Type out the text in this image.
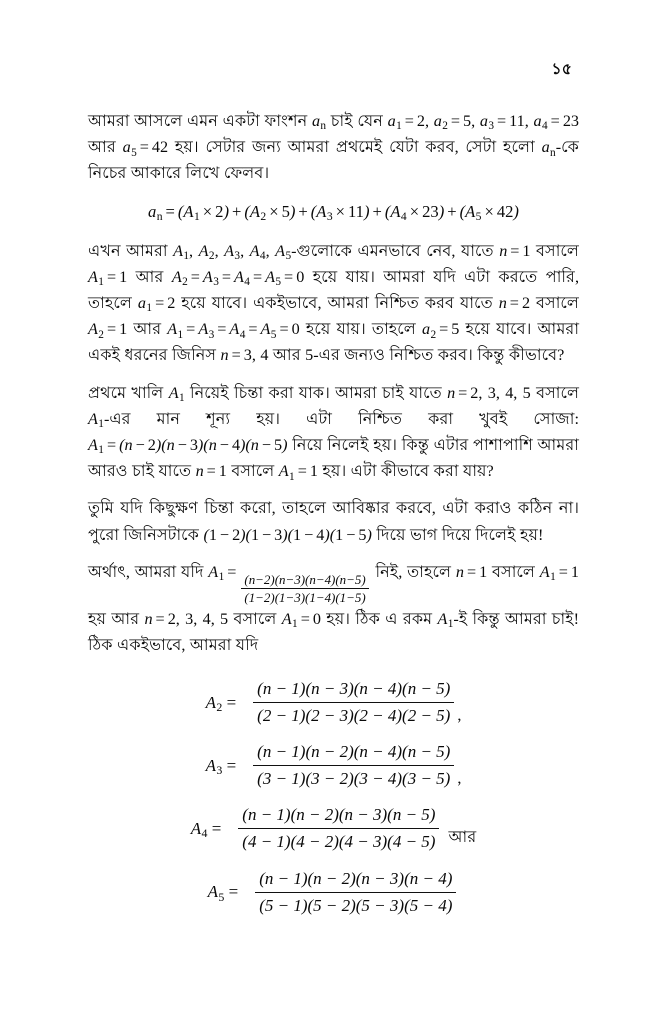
১৫

আমরা আসলে এমন একটা ফাংশন $a_n$ চাই যেন $a_1 = 2$, $a_2 = 5$, $a_3 = 11$, $a_4 = 23$ আর $a_5 = 42$ হয়। সেটার জন্য আমরা প্রথমেই যেটা করব, সেটা হলো $a_n-কে$ নিচের আকারে লিখে ফেলব।

$a_n = (A_1 \times 2) + (A_2 \times 5) + (A_3 \times 11) + (A_4 \times 23) + (A_5 \times 42)$

এখন আমরা $A_1$, $A_2$, $A_3$, $A_4$, $A_5-গুলোকে$ এমনভাবে নেব, যাতে n = 1 বসালে $A_1 = 1$ আর $A_2 = A_3 = A_4 = A_5 = 0$ হয়ে যায়। আমরা যদি এটা করতে পারি, তাহলে $a_1 = 2$ হয়ে যাবে। একইভাবে, আমরা নিশ্চিত করব যাতে n = 2 বসালে $A_2 = 1$ আর $A_1 = A_3 = A_4 = A_5 = 0$ হয়ে যায়। তাহলে $a_2 = 5$ হয়ে যাবে। আমরা একই ধরনের জিনিস n = 3, 4 আর 5-এর জন্যও নিশ্চিত করব। কিন্তু কীভাবে?

প্রথমে খালি $A_1$ নিয়েই চিন্তা করা যাক। আমরা চাই যাতে n = 2, 3, 4, 5 বসালে $A_1-এর$ মান শূন্য হয়। এটা নিশ্চিত করা খুবই সোজা: $A_1 = (n - 2)(n - 3)(n - 4)(n - 5)$ নিয়ে নিলেই হয়। কিন্তু এটার পাশাপাশি আমরা আরও চাই যাতে n = 1 বসালে $A_1 = 1$ হয়। এটা কীভাবে করা যায়?

তুমি যদি কিছুক্ষণ চিন্তা করো, তাহলে আবিষ্কার করবে, এটা করাও কঠিন না। পুরো জিনিসটাকে (1 − 2)(1 − 3)(1 − 4)(1 − 5) দিয়ে ভাগ দিয়ে দিলেই হয়!

অর্থাৎ, আমরা যদি $A_1$ =
$\frac{(n-2)(n-3)(n-4)(n-5)}{(1-2)(1-3)(1-4)(1-5)}$
নিই, তাহলে n = 1 বসালে $A_1 = 1$ হয় আর n = 2, 3, 4, 5 বসালে $A_1 = 0$ হয়। ঠিক এ রকম $A_1-ই$ কিন্তু আমরা চাই! ঠিক একইভাবে, আমরা যদি

$A_2$ =	$\frac{(n - 1)(n - 3)(n - 4)(n - 5)}{(2 - 1)(2 - 3)(2 - 4)(2 - 5)}$ ,
$A_3$ =	$\frac{(n - 1)(n - 2)(n - 4)(n - 5)}{(3 - 1)(3 - 2)(3 - 4)(3 - 5)}$ ,
$A_4$ =	$\frac{(n - 1)(n - 2)(n - 3)(n - 5)}{(4 - 1)(4 - 2)(4 - 3)(4 - 5)}$ আর
$A_5$ =	$\frac{(n - 1)(n - 2)(n - 3)(n - 4)}{(5 - 1)(5 - 2)(5 - 3)(5 - 4)}$
